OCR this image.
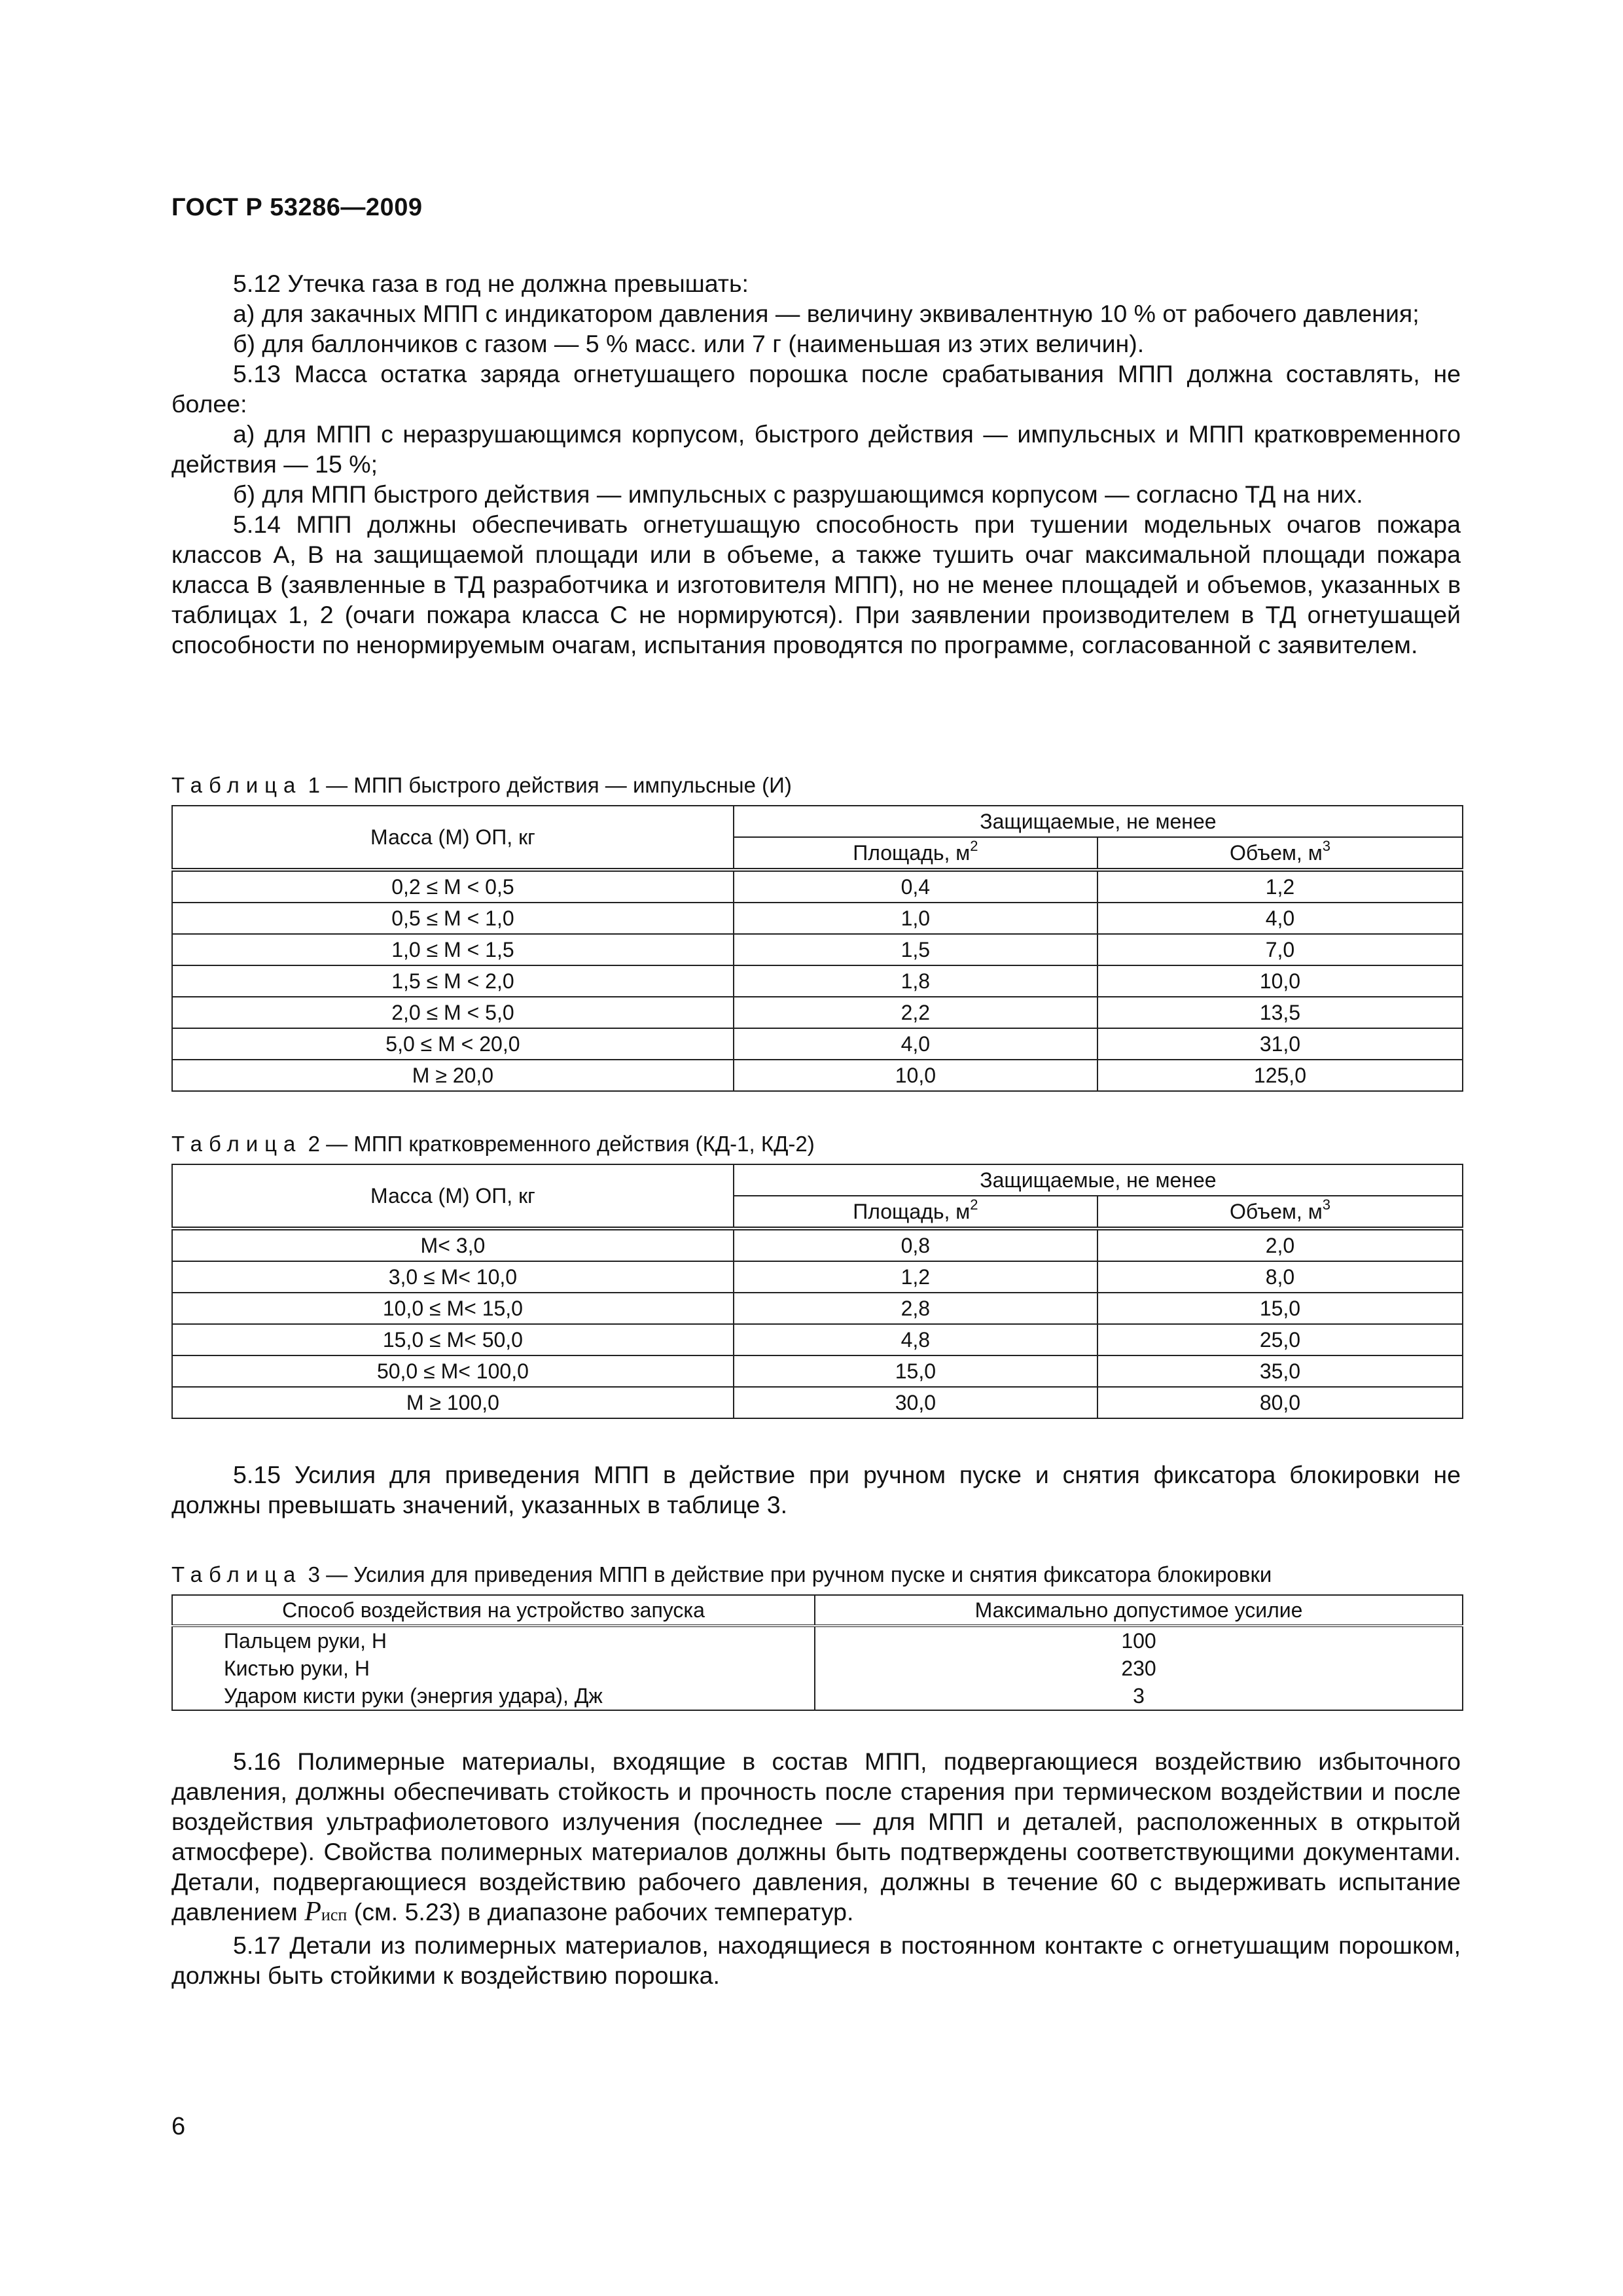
ГОСТ Р 53286—2009

5.12 Утечка газа в год не должна превышать:

а) для закачных МПП с индикатором давления — величину эквивалентную 10 % от рабочего давления;

б) для баллончиков с газом — 5 % масс. или 7 г (наименьшая из этих величин).

5.13 Масса остатка заряда огнетушащего порошка после срабатывания МПП должна составлять, не более:

а) для МПП с неразрушающимся корпусом, быстрого действия — импульсных и МПП кратковременного действия — 15 %;

б) для МПП быстрого действия — импульсных с разрушающимся корпусом — согласно ТД на них.

5.14 МПП должны обеспечивать огнетушащую способность при тушении модельных очагов пожара классов А, В на защищаемой площади или в объеме, а также тушить очаг максимальной площади пожара класса В (заявленные в ТД разработчика и изготовителя МПП), но не менее площадей и объемов, указанных в таблицах 1, 2 (очаги пожара класса С не нормируются). При заявлении производителем в ТД огнетушащей способности по ненормируемым очагам, испытания проводятся по программе, согласованной с заявителем.

Таблица 1 — МПП быстрого действия — импульсные (И)
Масса (М) ОП, кг	Защищаемые, не менее	
	Площадь, $м^2$	Объем, $м^3$
0,2 ≤ М < 0,5	0,4	1,2
0,5 ≤ М < 1,0	1,0	4,0
1,0 ≤ М < 1,5	1,5	7,0
1,5 ≤ М < 2,0	1,8	10,0
2,0 ≤ М < 5,0	2,2	13,5
5,0 ≤ М < 20,0	4,0	31,0
М ≥ 20,0	10,0	125,0
Таблица 2 — МПП кратковременного действия (КД-1, КД-2)
Масса (М) ОП, кг	Защищаемые, не менее	
	Площадь, $м^2$	Объем, $м^3$
М< 3,0	0,8	2,0
3,0 ≤ М< 10,0	1,2	8,0
10,0 ≤ М< 15,0	2,8	15,0
15,0 ≤ М< 50,0	4,8	25,0
50,0 ≤ М< 100,0	15,0	35,0
М ≥ 100,0	30,0	80,0

5.15 Усилия для приведения МПП в действие при ручном пуске и снятия фиксатора блокировки не должны превышать значений, указанных в таблице 3.

Таблица 3 — Усилия для приведения МПП в действие при ручном пуске и снятия фиксатора блокировки
Способ воздействия на устройство запуска	Максимально допустимое усилие
Пальцем руки, Н	100
Кистью руки, Н	230
Ударом кисти руки (энергия удара), Дж	3

5.16 Полимерные материалы, входящие в состав МПП, подвергающиеся воздействию избыточного давления, должны обеспечивать стойкость и прочность после старения при термическом воздействии и после воздействия ультрафиолетового излучения (последнее — для МПП и деталей, расположенных в открытой атмосфере). Свойства полимерных материалов должны быть подтверждены соответствующими документами. Детали, подвергающиеся воздействию рабочего давления, должны в течение 60 с выдерживать испытание давлением Pисп (см. 5.23) в диапазоне рабочих температур.

5.17 Детали из полимерных материалов, находящиеся в постоянном контакте с огнетушащим порошком, должны быть стойкими к воздействию порошка.

6
